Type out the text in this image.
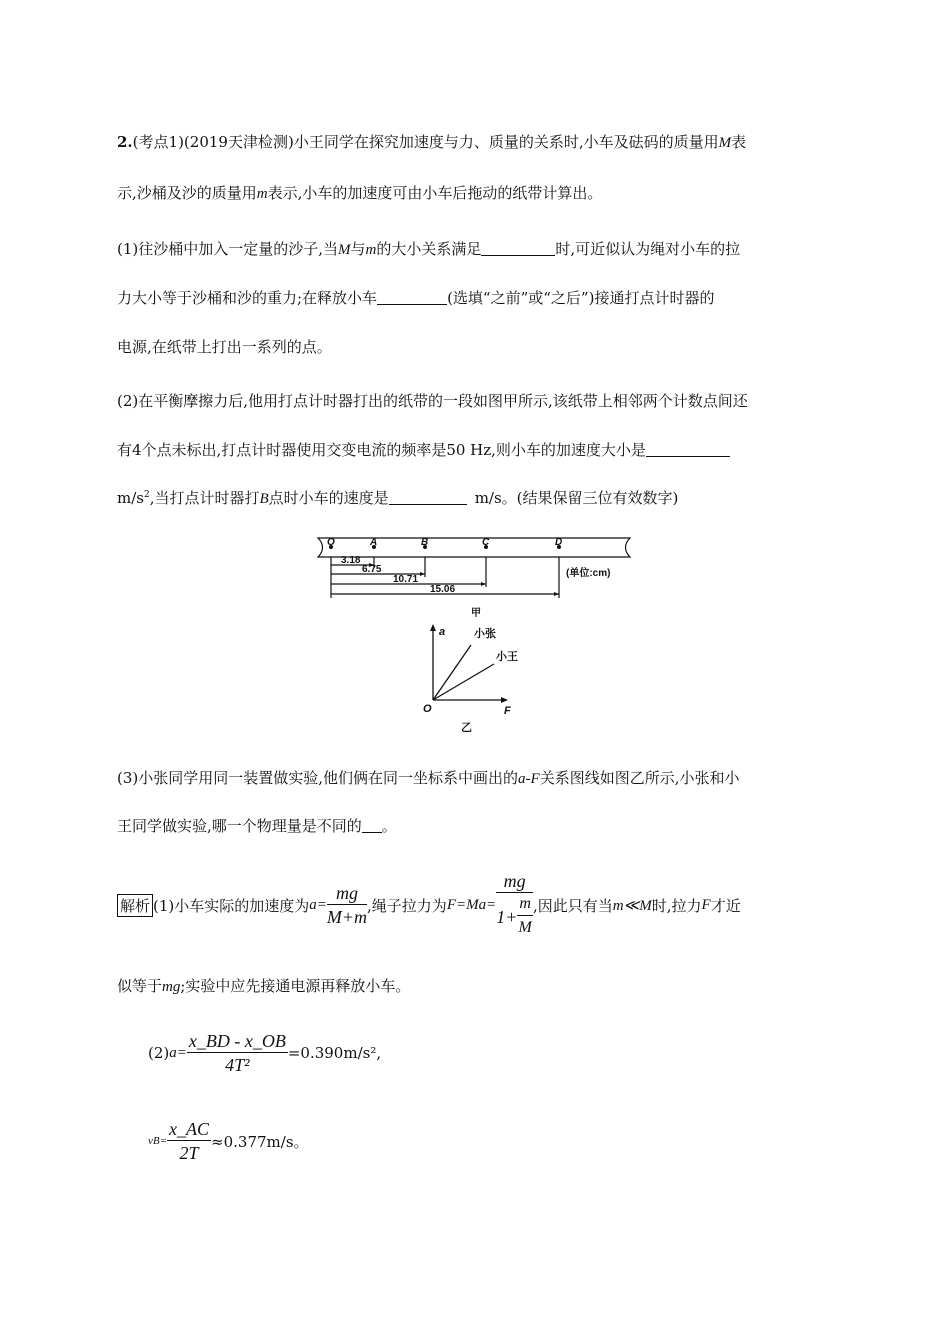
2.(考点1)(2019天津检测)小王同学在探究加速度与力、质量的关系时,小车及砝码的质量用M表
示,沙桶及沙的质量用m表示,小车的加速度可由小车后拖动的纸带计算出。
(1)往沙桶中加入一定量的沙子,当M与m的大小关系满足	时,可近似认为绳对小车的拉
力大小等于沙桶和沙的重力;在释放小车	(选填“之前”或“之后”)接通打点计时器的
电源,在纸带上打出一系列的点。
(2)在平衡摩擦力后,他用打点计时器打出的纸带的一段如图甲所示,该纸带上相邻两个计数点间还
有4个点未标出,打点计时器使用交变电流的频率是50 Hz,则小车的加速度大小是
$m/s^2$,当打点计时器打B点时小车的速度是	m/s。(结果保留三位有效数字)
O	A	B	C	D
3.18
6.75
10.71
15.06
(单位:cm)
甲
a
F
O
小张
小王
乙
(3)小张同学用同一装置做实验,他们俩在同一坐标系中画出的a-F关系图线如图乙所示,小张和小
王同学做实验,哪一个物理量是不同的 。
解析 (1)小车实际的加速度为 $a= \frac{mg}{M+m}$ ,绳子拉力为 $F=Ma= \frac{mg}{1+ \frac{m}{M}}$ ,因此只有当 m≪M 时,拉力 F 才近
似等于mg;实验中应先接通电源再释放小车。
(2) $a= \frac{x\_BD - x\_OB}{\text{4T²}} =0.390m/s^2$,
$vB= \frac{x\_AC}{2T} \approx 0.377m/s$。
